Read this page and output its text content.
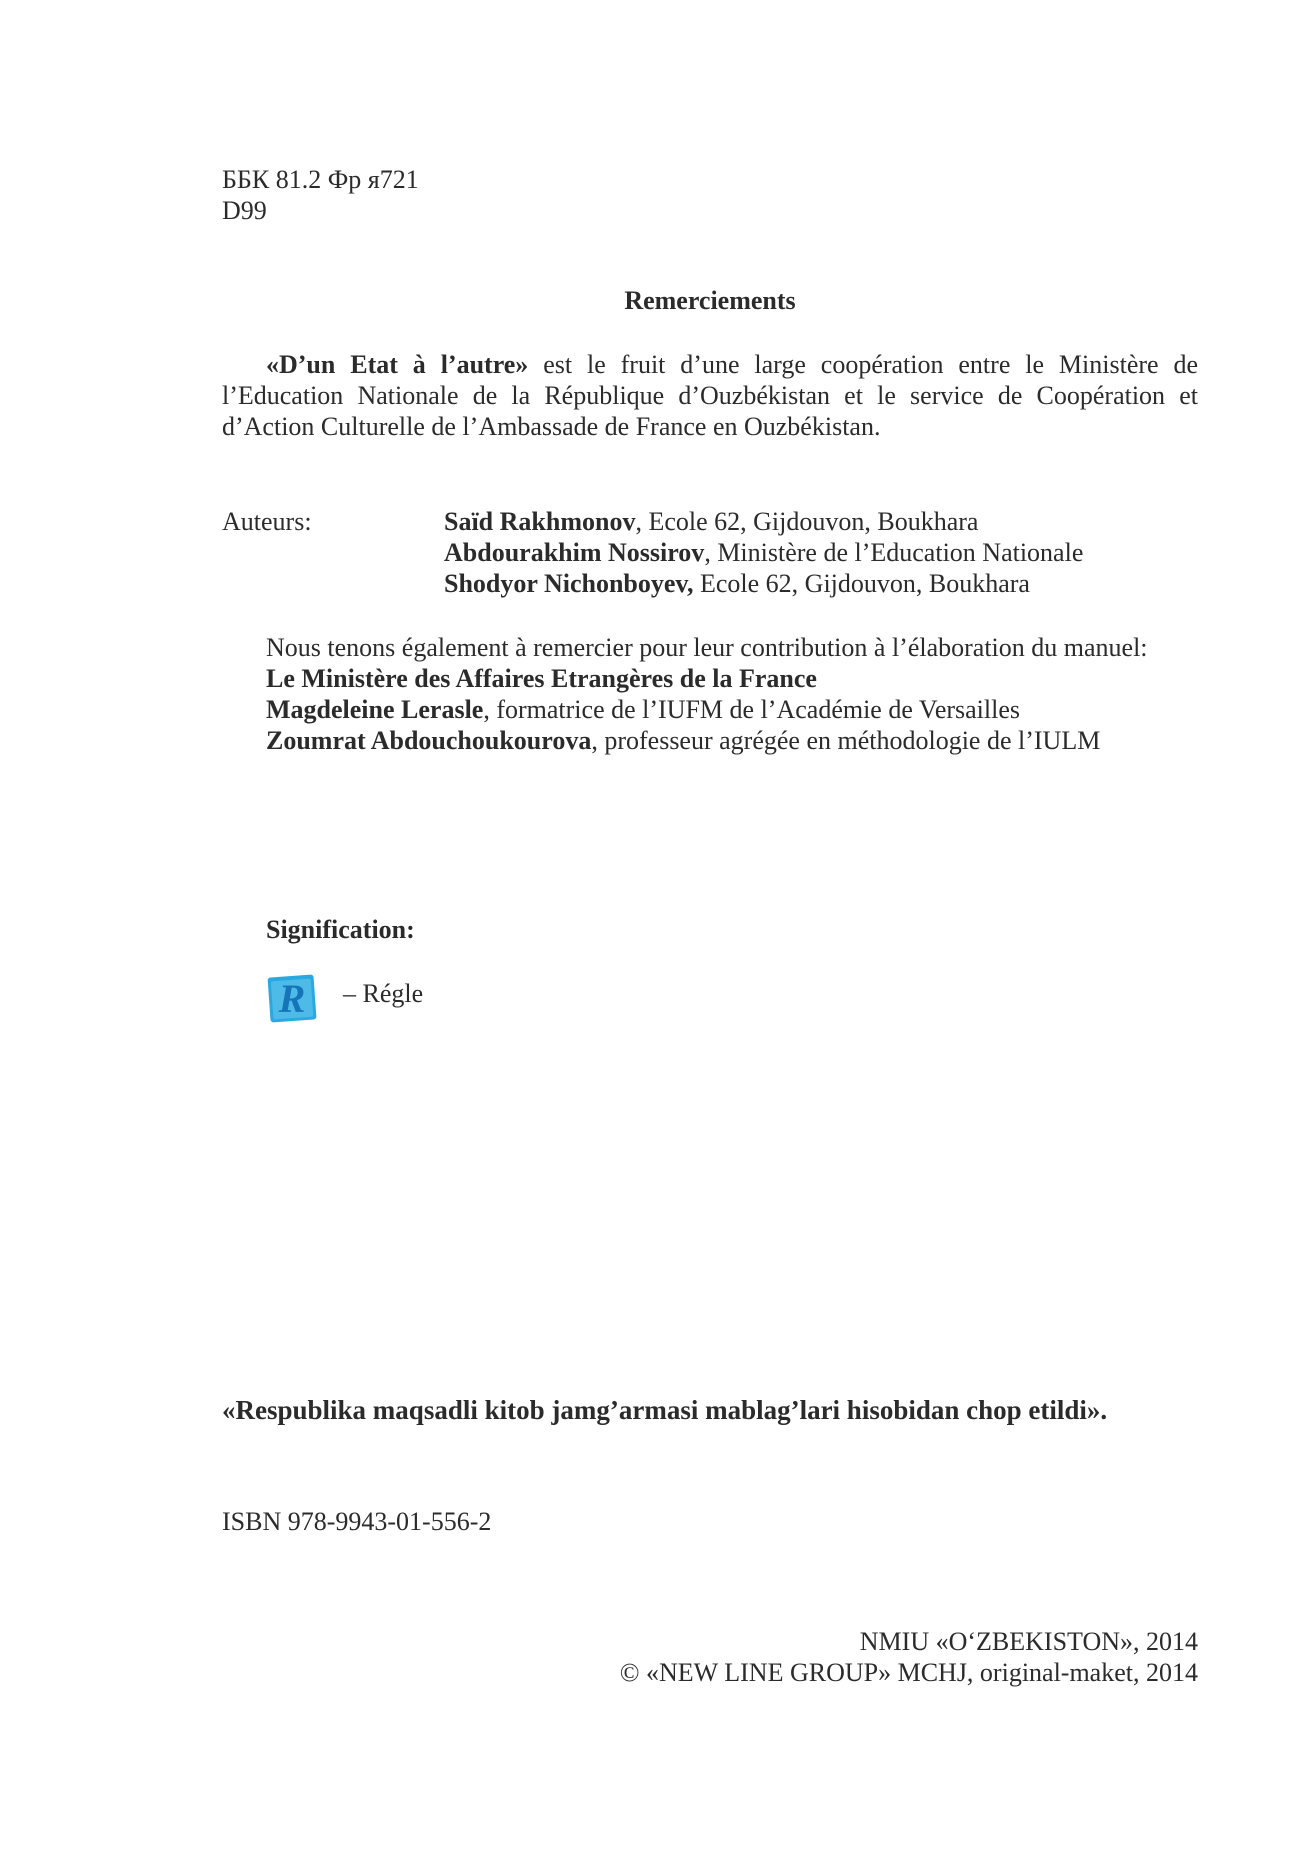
ББК 81.2 Фр я721
D99
Remerciements
«D’un Etat à l’autre» est le fruit d’une large coopération entre le Ministère de l’Education Nationale de la République d’Ouzbékistan et le service de Coopération et d’Action Culturelle de l’Ambassade de France en Ouzbékistan.
Auteurs:	Saïd Rakhmonov, Ecole 62, Gijdouvon, Boukhara
Abdourakhim Nossirov, Ministère de l’Education Nationale
Shodyor Nichonboyev, Ecole 62, Gijdouvon, Boukhara
Nous tenons également à remercier pour leur contribution à l’élaboration du manuel:
Le Ministère des Affaires Etrangères de la France
Magdeleine Lerasle, formatrice de l’IUFM de l’Académie de Versailles
Zoumrat Abdouchoukourova, professeur agrégée en méthodologie de l’IULM
Signification:
R – Régle
«Respublika maqsadli kitob jamg’armasi mablag’lari hisobidan chop etildi».
ISBN 978-9943-01-556-2
NMIU «O‘ZBEKISTON», 2014
© «NEW LINE GROUP» MCHJ, original-maket, 2014
